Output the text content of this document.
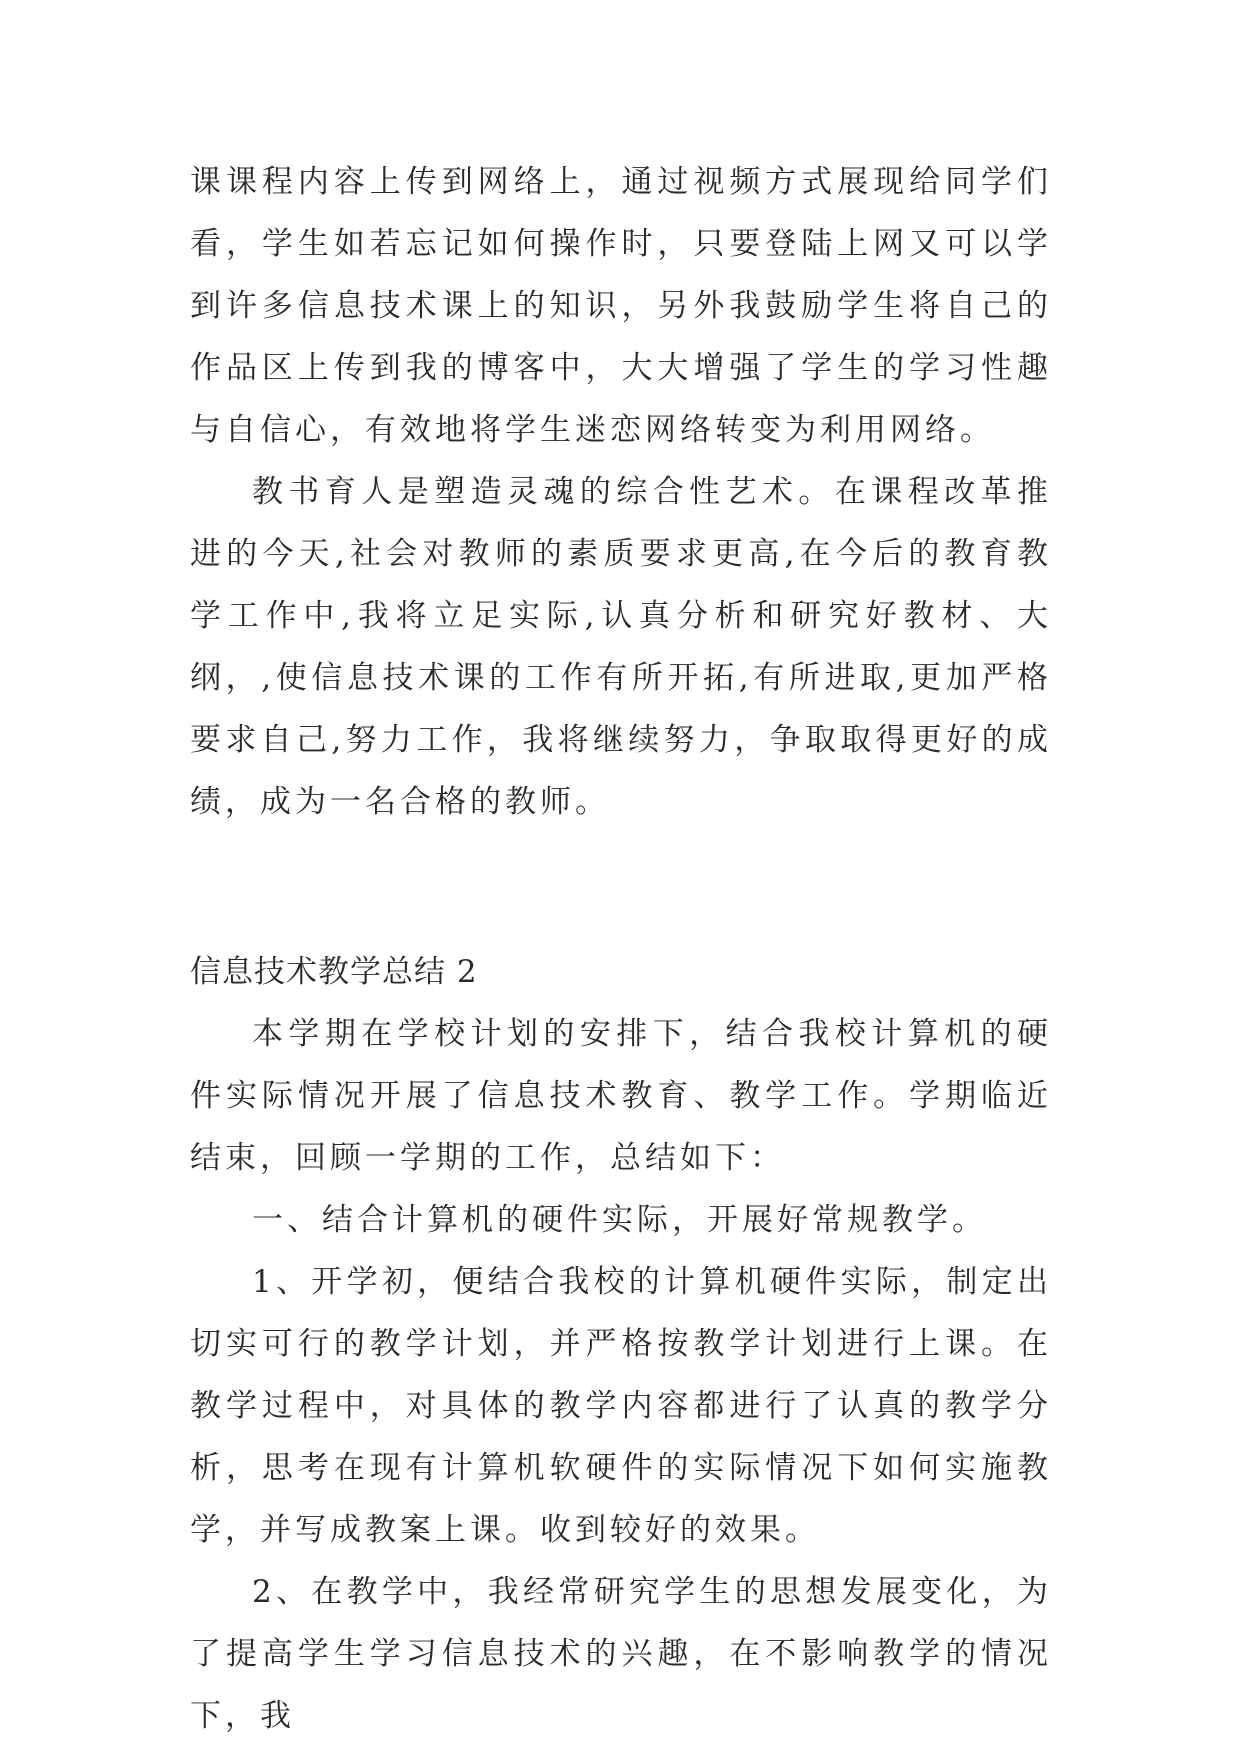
课课程内容上传到网络上，通过视频方式展现给同学们看，学生如若忘记如何操作时，只要登陆上网又可以学到许多信息技术课上的知识，另外我鼓励学生将自己的作品区上传到我的博客中，大大增强了学生的学习性趣与自信心，有效地将学生迷恋网络转变为利用网络。

教书育人是塑造灵魂的综合性艺术。在课程改革推进的今天,社会对教师的素质要求更高,在今后的教育教学工作中,我将立足实际,认真分析和研究好教材、大纲，,使信息技术课的工作有所开拓,有所进取,更加严格要求自己,努力工作，我将继续努力，争取取得更好的成绩，成为一名合格的教师。

信息技术教学总结 2

本学期在学校计划的安排下，结合我校计算机的硬件实际情况开展了信息技术教育、教学工作。学期临近结束，回顾一学期的工作，总结如下：

一、结合计算机的硬件实际，开展好常规教学。

1、开学初，便结合我校的计算机硬件实际，制定出切实可行的教学计划，并严格按教学计划进行上课。在教学过程中，对具体的教学内容都进行了认真的教学分析，思考在现有计算机软硬件的实际情况下如何实施教学，并写成教案上课。收到较好的效果。

2、在教学中，我经常研究学生的思想发展变化，为了提高学生学习信息技术的兴趣，在不影响教学的情况下，我
